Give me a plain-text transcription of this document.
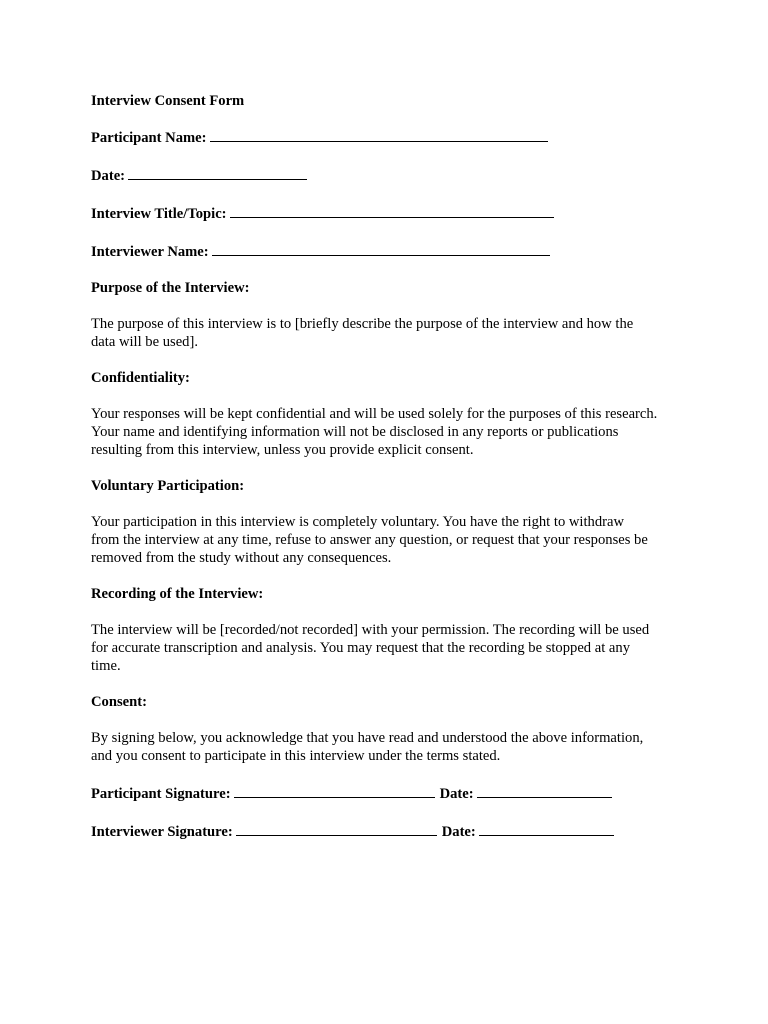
Interview Consent Form
Participant Name:
Date:
Interview Title/Topic:
Interviewer Name:
Purpose of the Interview:

The purpose of this interview is to [briefly describe the purpose of the interview and how the

data will be used].

Confidentiality:

Your responses will be kept confidential and will be used solely for the purposes of this research.

Your name and identifying information will not be disclosed in any reports or publications

resulting from this interview, unless you provide explicit consent.

Voluntary Participation:

Your participation in this interview is completely voluntary. You have the right to withdraw

from the interview at any time, refuse to answer any question, or request that your responses be

removed from the study without any consequences.

Recording of the Interview:

The interview will be [recorded/not recorded] with your permission. The recording will be used

for accurate transcription and analysis. You may request that the recording be stopped at any

time.

Consent:

By signing below, you acknowledge that you have read and understood the above information,

and you consent to participate in this interview under the terms stated.

Participant Signature:	Date:
Interviewer Signature:	Date:
